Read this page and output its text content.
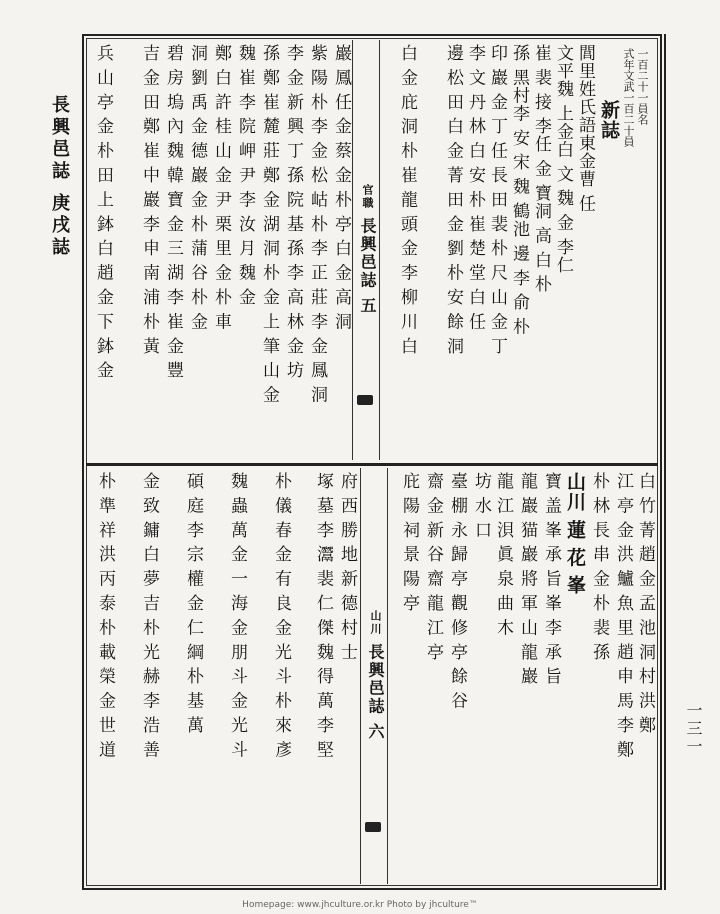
長興邑誌 庚戌誌
一三一
官職 長興邑誌 五
山川 長興邑誌 六
一百二十一員名
式年文武一百二十員
新誌
閭里姓氏語東金曹 任
文平魏 上金白 文 魏 金 李仁
崔 裴 接 李任 金 寶洞 高 白 朴
孫 黑村李 安 宋 魏 鶴池 邊 李 俞 朴
印 巖 金 丁 任 長 田 裴 朴 尺 山 金 丁
李 文 丹 林 白 安 朴 崔 楚 堂 白 任
邊 松 田 白 金 菁 田 金 劉 朴 安 餘 洞
白 金 庇 洞 朴 崔 龍 頭 金 李 柳 川 白
巖 鳳 任 金 蔡 金 朴 亭 白 金 高 洞
紫 陽 朴 李 金 松 岵 朴 李 正 莊 李 金 鳳 洞
李 金 新 興 丁 孫 院 基 孫 李 高 林 金 坊
孫 鄭 崔 麓 莊 鄭 金 湖 洞 朴 金 上 筆 山 金
魏 崔 李 院 岬 尹 李 汝 月 魏 金
鄭 白 許 桂 山 金 尹 栗 里 金 朴 車
洞 劉 禹 金 德 巖 金 朴 蒲 谷 朴 金
碧 房 塢 內 魏 韓 寶 金 三 湖 李 崔 金 豐
吉 金 田 鄭 崔 中 巖 李 申 南 浦 朴 黃
兵 山 亭 金 朴 田 上 鉢 白 趙 金 下 鉢 金
白 竹 菁 趙 金 孟 池 洞 村 洪 鄭
江 亭 金 洪 鱸 魚 里 趙 申 馬 李 鄭
朴 林 長 串 金 朴 裴 孫
山川 蓮 花 峯
寶 盖 峯 承 旨 峯 李 承 旨
龍 巖 猫 巖 將 軍 山 龍 巖
龍 江 浿 眞 泉 曲 木
坊 水 口
臺 棚 永 歸 亭 觀 修 亭 餘 谷
齋 金 新 谷 齋 龍 江 亭
庇 陽 祠 景 陽 亭
府 西 勝 地 新 德 村 士
塚 墓 李 灊 裴 仁 傑 魏 得 萬 李 堅
朴 儀 春 金 有 良 金 光 斗 朴 來 彥
魏 蟲 萬 金 一 海 金 朋 斗 金 光 斗
碩 庭 李 宗 權 金 仁 綱 朴 基 萬
金 致 鏞 白 夢 吉 朴 光 赫 李 浩 善
朴 準 祥 洪 丙 泰 朴 載 榮 金 世 道
Homepage: www.jhculture.or.kr Photo by jhculture™
